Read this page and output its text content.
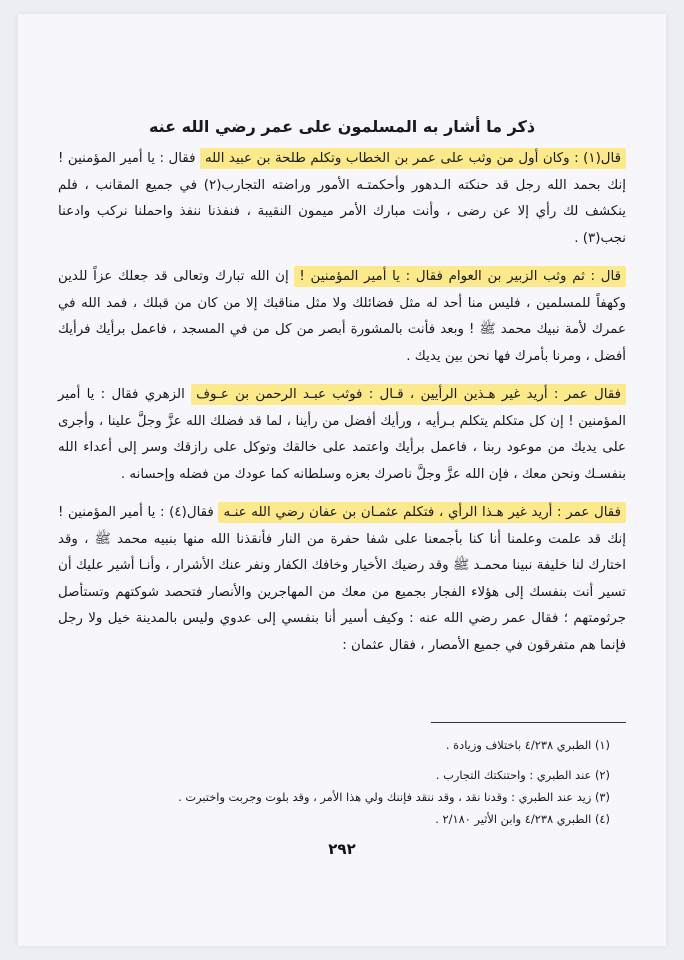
ذكر ما أشار به المسلمون على عمر رضي الله عنه

قال(١) : وكان أول من وثب على عمر بن الخطاب وتكلم طلحة بن عبيد الله فقال : يا أمير المؤمنين ! إنك بحمد الله رجل قد حنكته الـدهور وأحكمتـه الأمور وراضته التجارب(٢) في جميع المقانب ، فلم ينكشف لك رأي إلا عن رضى ، وأنت مبارك الأمر ميمون النقيبة ، فنفذنا ننفذ واحملنا نركب وادعنا نجب(٣) .

قال : ثم وثب الزبير بن العوام فقال : يا أمير المؤمنين ! إن الله تبارك وتعالى قد جعلك عزاً للدين وكهفاً للمسلمين ، فليس منا أحد له مثل فضائلك ولا مثل مناقبك إلا من كان من قبلك ، فمد الله في عمرك لأمة نبيك محمد ﷺ ! وبعد فأنت بالمشورة أبصر من كل من في المسجد ، فاعمل برأيك فرأيك أفضل ، ومرنا بأمرك فها نحن بين يديك .

فقال عمر : أريد غير هـذين الرأيين ، قـال : فوثب عبـد الرحمن بن عـوف الزهري فقال : يا أمير المؤمنين ! إن كل متكلم يتكلم بـرأيه ، ورأيك أفضل من رأينا ، لما قد فضلك الله عزَّ وجلَّ علينا ، وأجرى على يديك من موعود ربنا ، فاعمل برأيك واعتمد على خالقك وتوكل على رازقك وسر إلى أعداء الله بنفسـك ونحن معك ، فإن الله عزَّ وجلَّ ناصرك بعزه وسلطانه كما عودك من فضله وإحسانه .

فقال عمر : أريد غير هـذا الرأي ، فتكلم عثمـان بن عفان رضي الله عنـه فقال(٤) : يا أمير المؤمنين ! إنك قد علمت وعلمنا أنا كنا بأجمعنا على شفا حفرة من النار فأنقذنا الله منها بنبيه محمد ﷺ ، وقد اختارك لنا خليفة نبينا محمـد ﷺ وقد رضيك الأخيار وخافك الكفار ونفر عنك الأشرار ، وأنـا أشير عليك أن تسير أنت بنفسك إلى هؤلاء الفجار بجميع من معك من المهاجرين والأنصار فتحصد شوكتهم وتستأصل جرثومتهم ؛ فقال عمر رضي الله عنه : وكيف أسير أنا بنفسي إلى عدوي وليس بالمدينة خيل ولا رجل فإنما هم متفرقون في جميع الأمصار ، فقال عثمان :

(١) الطبري ٤/٢٣٨ باختلاف وزيادة .

(٢) عند الطبري : واحتنكتك التجارب .

(٣) زيد عند الطبري : وقدنا نقد ، وقد ننقد فإننك ولي هذا الأمر ، وقد بلوت وجربت واختبرت .

(٤) الطبري ٤/٢٣٨ وابن الأثير ٢/١٨٠ .

٢٩٢
